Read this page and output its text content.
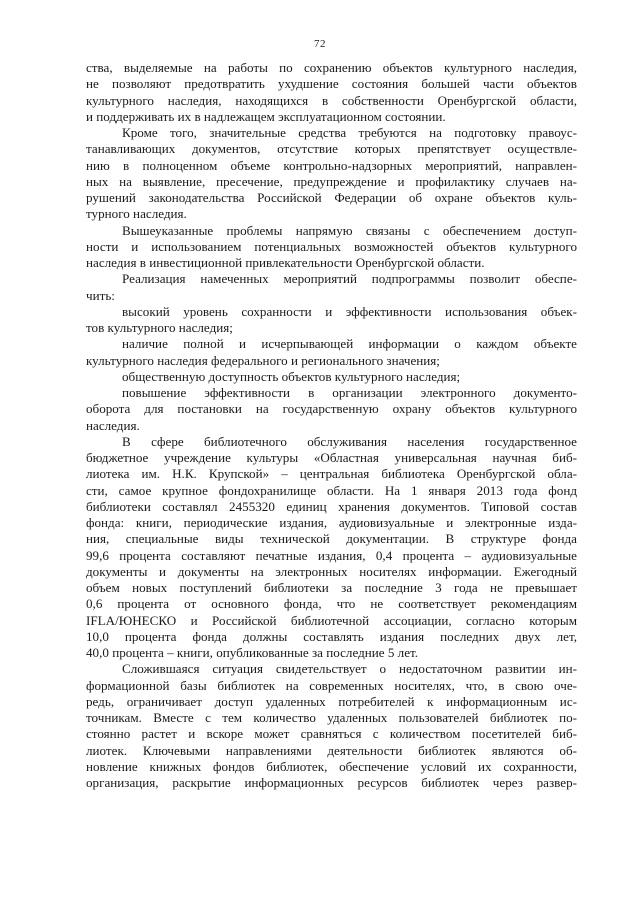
72
ства, выделяемые на работы по сохранению объектов культурного наследия,
не позволяют предотвратить ухудшение состояния большей части объектов
культурного наследия, находящихся в собственности Оренбургской области,
и поддерживать их в надлежащем эксплуатационном состоянии.
Кроме того, значительные средства требуются на подготовку правоус-
танавливающих документов, отсутствие которых препятствует осуществле-
нию в полноценном объеме контрольно-надзорных мероприятий, направлен-
ных на выявление, пресечение, предупреждение и профилактику случаев на-
рушений законодательства Российской Федерации об охране объектов куль-
турного наследия.
Вышеуказанные проблемы напрямую связаны с обеспечением доступ-
ности и использованием потенциальных возможностей объектов культурного
наследия в инвестиционной привлекательности Оренбургской области.
Реализация намеченных мероприятий подпрограммы позволит обеспе-
чить:
высокий уровень сохранности и эффективности использования объек-
тов культурного наследия;
наличие полной и исчерпывающей информации о каждом объекте
культурного наследия федерального и регионального значения;
общественную доступность объектов культурного наследия;
повышение эффективности в организации электронного документо-
оборота для постановки на государственную охрану объектов культурного
наследия.
В сфере библиотечного обслуживания населения государственное
бюджетное учреждение культуры «Областная универсальная научная биб-
лиотека им. Н.К. Крупской» – центральная библиотека Оренбургской обла-
сти, самое крупное фондохранилище области. На 1 января 2013 года фонд
библиотеки составлял 2455320 единиц хранения документов. Типовой состав
фонда: книги, периодические издания, аудиовизуальные и электронные изда-
ния, специальные виды технической документации. В структуре фонда
99,6 процента составляют печатные издания, 0,4 процента – аудиовизуальные
документы и документы на электронных носителях информации. Ежегодный
объем новых поступлений библиотеки за последние 3 года не превышает
0,6 процента от основного фонда, что не соответствует рекомендациям
IFLA/ЮНЕСКО и Российской библиотечной ассоциации, согласно которым
10,0 процента фонда должны составлять издания последних двух лет,
40,0 процента – книги, опубликованные за последние 5 лет.
Сложившаяся ситуация свидетельствует о недостаточном развитии ин-
формационной базы библиотек на современных носителях, что, в свою оче-
редь, ограничивает доступ удаленных потребителей к информационным ис-
точникам. Вместе с тем количество удаленных пользователей библиотек по-
стоянно растет и вскоре может сравняться с количеством посетителей биб-
лиотек. Ключевыми направлениями деятельности библиотек являются об-
новление книжных фондов библиотек, обеспечение условий их сохранности,
организация, раскрытие информационных ресурсов библиотек через развер-
